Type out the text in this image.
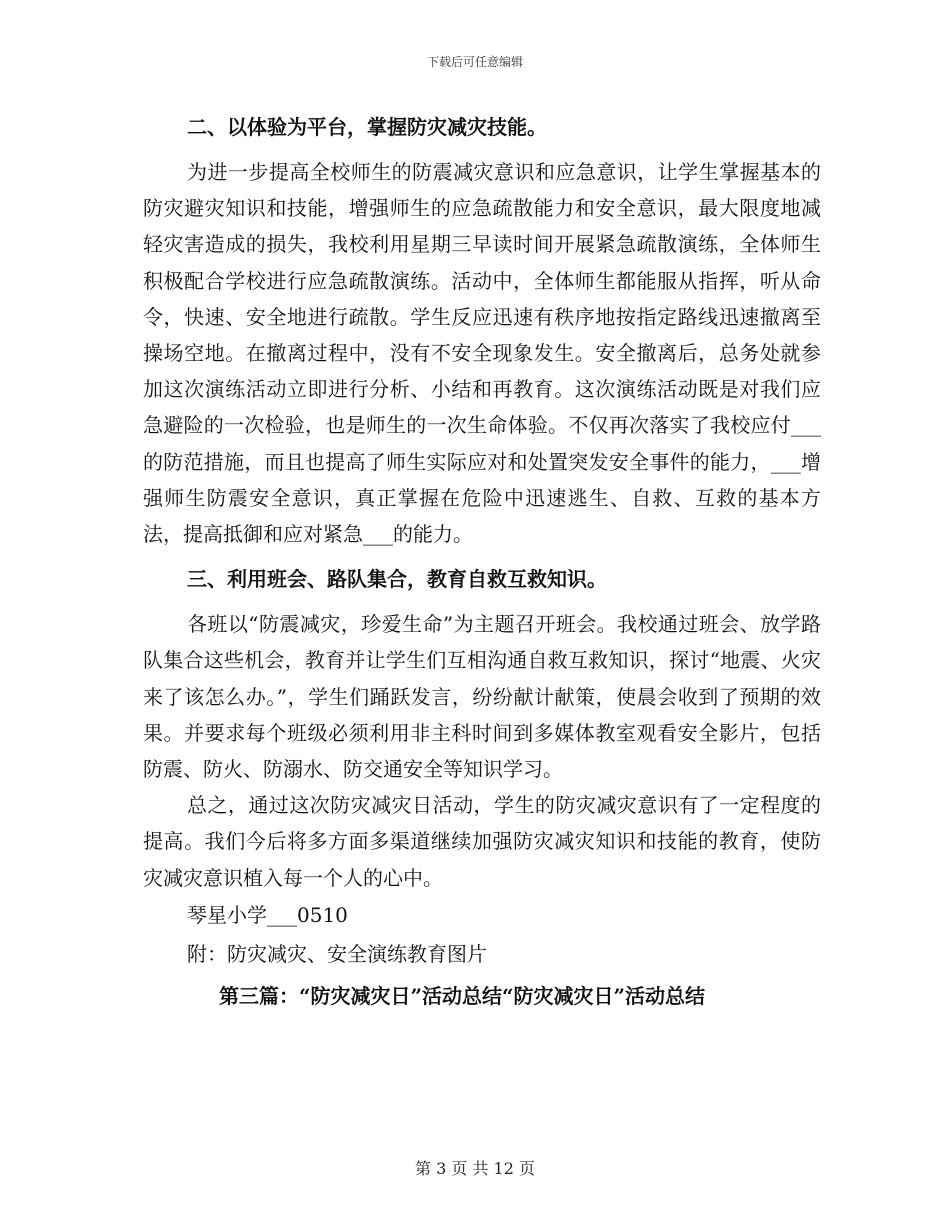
下载后可任意编辑

二、以体验为平台，掌握防灾减灾技能。

为进一步提高全校师生的防震减灾意识和应急意识，让学生掌握基本的防灾避灾知识和技能，增强师生的应急疏散能力和安全意识，最大限度地减轻灾害造成的损失，我校利用星期三早读时间开展紧急疏散演练，全体师生积极配合学校进行应急疏散演练。活动中，全体师生都能服从指挥，听从命令，快速、安全地进行疏散。学生反应迅速有秩序地按指定路线迅速撤离至操场空地。在撤离过程中，没有不安全现象发生。安全撤离后，总务处就参加这次演练活动立即进行分析、小结和再教育。这次演练活动既是对我们应急避险的一次检验，也是师生的一次生命体验。不仅再次落实了我校应付___的防范措施，而且也提高了师生实际应对和处置突发安全事件的能力，___增强师生防震安全意识，真正掌握在危险中迅速逃生、自救、互救的基本方法，提高抵御和应对紧急___的能力。

三、利用班会、路队集合，教育自救互救知识。

各班以“防震减灾，珍爱生命”为主题召开班会。我校通过班会、放学路队集合这些机会，教育并让学生们互相沟通自救互救知识，探讨“地震、火灾来了该怎么办。”，学生们踊跃发言，纷纷献计献策，使晨会收到了预期的效果。并要求每个班级必须利用非主科时间到多媒体教室观看安全影片，包括防震、防火、防溺水、防交通安全等知识学习。

总之，通过这次防灾减灾日活动，学生的防灾减灾意识有了一定程度的提高。我们今后将多方面多渠道继续加强防灾减灾知识和技能的教育，使防灾减灾意识植入每一个人的心中。

琴星小学___0510

附：防灾减灾、安全演练教育图片

第三篇：“防灾减灾日”活动总结“防灾减灾日”活动总结

第 3 页 共 12 页
